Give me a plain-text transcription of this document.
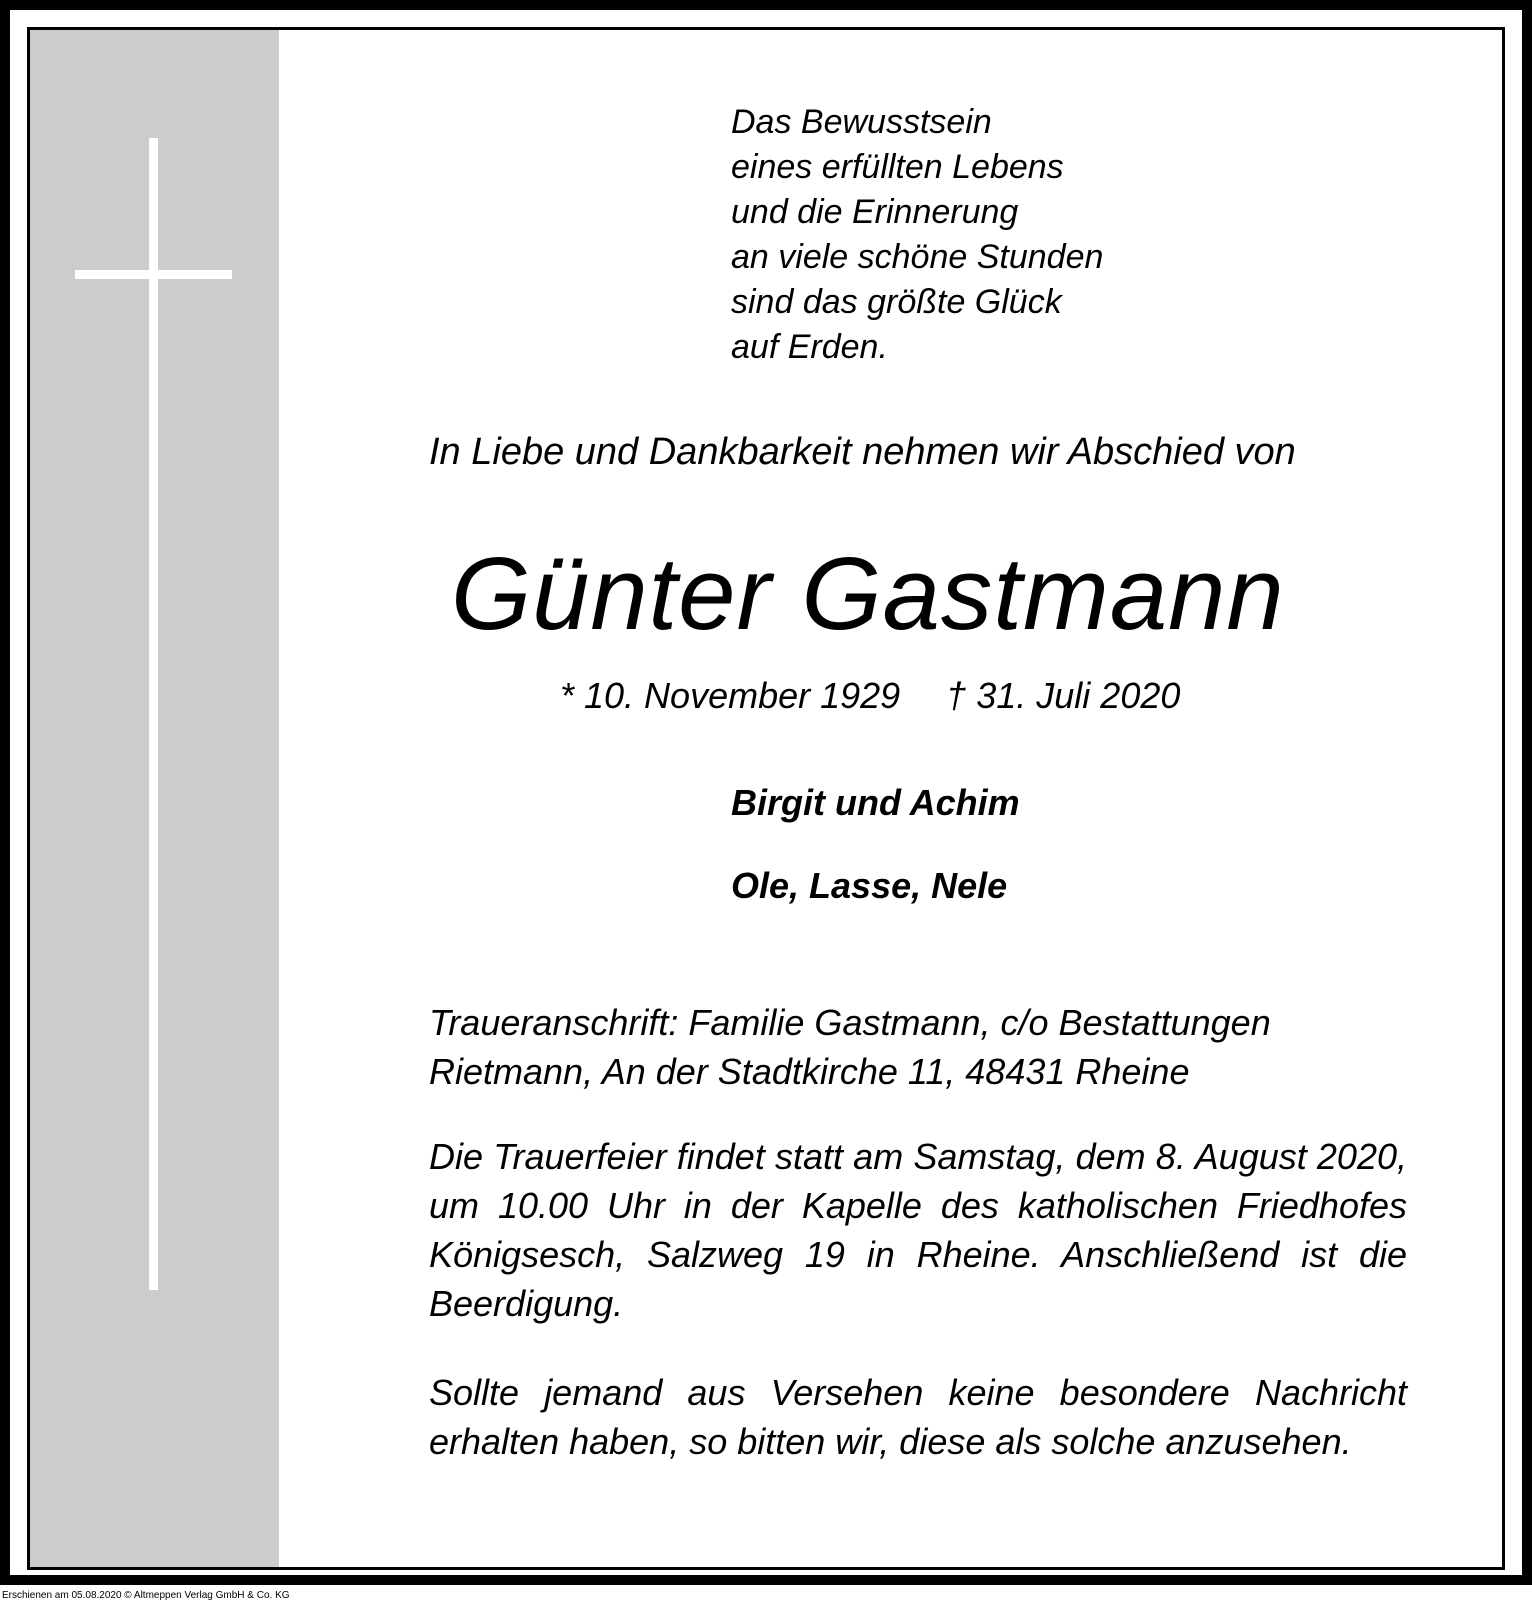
Das Bewusstsein
eines erfüllten Lebens
und die Erinnerung
an viele schöne Stunden
sind das größte Glück
auf Erden.
In Liebe und Dankbarkeit nehmen wir Abschied von
Günter Gastmann
* 10. November 1929 † 31. Juli 2020
Birgit und Achim
Ole, Lasse, Nele
Traueranschrift: Familie Gastmann, c/o Bestattungen
Rietmann, An der Stadtkirche 11, 48431 Rheine
Die Trauerfeier findet statt am Samstag, dem 8. August 2020, um 10.00 Uhr in der Kapelle des katholischen Friedhofes Königsesch, Salzweg 19 in Rheine. Anschließend ist die Beerdigung.
Sollte jemand aus Versehen keine besondere Nachricht erhalten haben, so bitten wir, diese als solche anzusehen.
Erschienen am 05.08.2020 © Altmeppen Verlag GmbH & Co. KG
